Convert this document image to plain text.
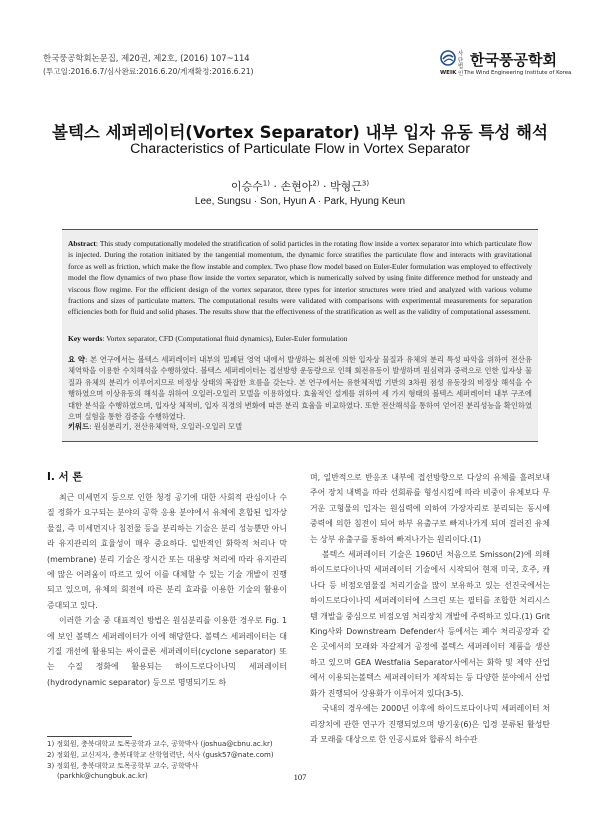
한국풍공학회논문집, 제20권, 제2호, (2016) 107~114
(투고일:2016.6.7/심사완료:2016.6.20/게재확정:2016.6.21)
사단 법인
한국풍공학회
WEIK The Wind Engineering Institute of Korea
볼텍스 세퍼레이터(Vortex Separator) 내부 입자 유동 특성 해석
Characteristics of Particulate Flow in Vortex Separator
이승수$^{1)}$ · 손현아$^{2)}$ · 박형근$^{3)}$
Lee, Sungsu · Son, Hyun A · Park, Hyung Keun
Abstract: This study computationally modeled the stratification of solid particles in the rotating flow inside a vortex separator into which particulate flow is injected. During the rotation initiated by the tangential momentum, the dynamic force stratifies the particulate flow and interacts with gravitational force as well as friction, which make the flow instable and complex. Two phase flow model based on Euler-Euler formulation was employed to effectively model the flow dynamics of two phase flow inside the vortex separator, which is numerically solved by using finite difference method for unsteady and viscous flow regime. For the efficient design of the vortex separator, three types for interior structures were tried and analyzed with various volume fractions and sizes of particulate matters. The computational results were validated with comparisons with experimental measurements for separation efficiencies both for fluid and solid phases. The results show that the effectiveness of the stratification as well as the validity of computational assessment.
Key words: Vortex separator, CFD (Computational fluid dynamics), Euler-Euler formulation
요 약: 본 연구에서는 볼텍스 세퍼레이터 내부의 밀폐된 영역 내에서 발생하는 회전에 의한 입자상 물질과 유체의 분리 특성 파악을 위하여 전산유체역학을 이용한 수치해석을 수행하였다. 볼텍스 세퍼레이터는 접선방향 운동량으로 인해 회전유동이 발생하며 원심력과 중력으로 인한 입자상 물질과 유체의 분리가 이루어지므로 비정상 상태의 복잡한 흐름을 갖는다. 본 연구에서는 유한체적법 기반의 3차원 점성 유동장의 비정상 해석을 수행하였으며 이상유동의 해석을 위하여 오일러-오일러 모델을 이용하였다. 효율적인 설계를 위하여 세 가지 형태의 볼텍스 세퍼레이터 내부 구조에 대한 분석을 수행하였으며, 입자상 체적비, 입자 직경의 변화에 따른 분리 효율을 비교하였다. 또한 전산해석을 통하여 얻어진 분리성능을 확인하였으며 실험을 통한 검증을 수행하였다.
키워드: 원심분리기, 전산유체역학, 오일러-오일러 모델

I. 서 론

최근 미세먼지 등으로 인한 청정 공기에 대한 사회적 관심이나 수질 정화가 요구되는 분야의 공학 응용 분야에서 유체에 혼합된 입자상 물질, 즉 미세먼지나 침전물 등을 분리하는 기술은 분리 성능뿐만 아니라 유지관리의 효율성이 매우 중요하다. 일반적인 화학적 처리나 막(membrane) 분리 기술은 장시간 또는 대용량 처리에 따라 유지관리에 많은 어려움이 따르고 있어 이를 대체할 수 있는 기술 개발이 진행되고 있으며, 유체의 회전에 따른 분리 효과를 이용한 기술의 활용이 증대되고 있다.

이러한 기술 중 대표적인 방법은 원심분리를 이용한 경우로 Fig. 1에 보인 볼텍스 세퍼레이터가 이에 해당한다. 볼텍스 세퍼레이터는 대기질 개선에 활용되는 싸이클론 세퍼레이터(cyclone separator) 또는 수질 정화에 활용되는 하이드로다이나믹 세퍼레이터(hydrodynamic separator) 등으로 명명되기도 하

며, 일반적으로 반응조 내부에 접선방향으로 다상의 유체를 흘려보내주어 장치 내벽을 따라 선회류를 형성시킴에 따라 비중이 유체보다 무거운 고형물의 입자는 원심력에 의하여 가장자리로 분리되는 동시에 중력에 의한 침전이 되어 하부 유출구로 빠져나가게 되며 걸러진 유체는 상부 유출구를 통하여 빠져나가는 원리이다.(1)

볼텍스 세퍼레이터 기술은 1960년 처음으로 Smisson(2)에 의해 하이드로다이나믹 세퍼레이터 기술에서 시작되어 현재 미국, 호주, 캐나다 등 비점오염물질 처리기술을 많이 보유하고 있는 선진국에서는 하이드로다이나믹 세퍼레이터에 스크린 또는 필터를 조합한 처리시스템 개발을 중심으로 비점오염 처리장치 개발에 주력하고 있다.(1) Grit King사와 Downstream Defender사 등에서는 폐수 처리공장과 같은 곳에서의 모래와 자갈제거 공정에 볼텍스 세퍼레이터 제품을 생산하고 있으며 GEA Westfalia Separator사에서는 화학 및 제약 산업에서 이용되는볼텍스 세퍼레이터가 제작되는 등 다양한 분야에서 산업화가 진행되어 상용화가 이루어져 있다(3-5).

국내의 경우에는 2000년 이후에 하이드로다이나믹 세퍼레이터 처리장치에 관한 연구가 진행되었으며 방기웅(6)은 입경 분류된 활성탄과 모래를 대상으로 한 인공시료와 합류식 하수관

1) 정회원, 충북대학교 토목공학과 교수, 공학박사 (joshua@cbnu.ac.kr)
2) 정회원, 교신저자, 충북대학교 산학협력단, 석사 (gusk57@nate.com)
3) 정회원, 충북대학교 토목공학부 교수, 공학박사
(parkhk@chungbuk.ac.kr)	107
